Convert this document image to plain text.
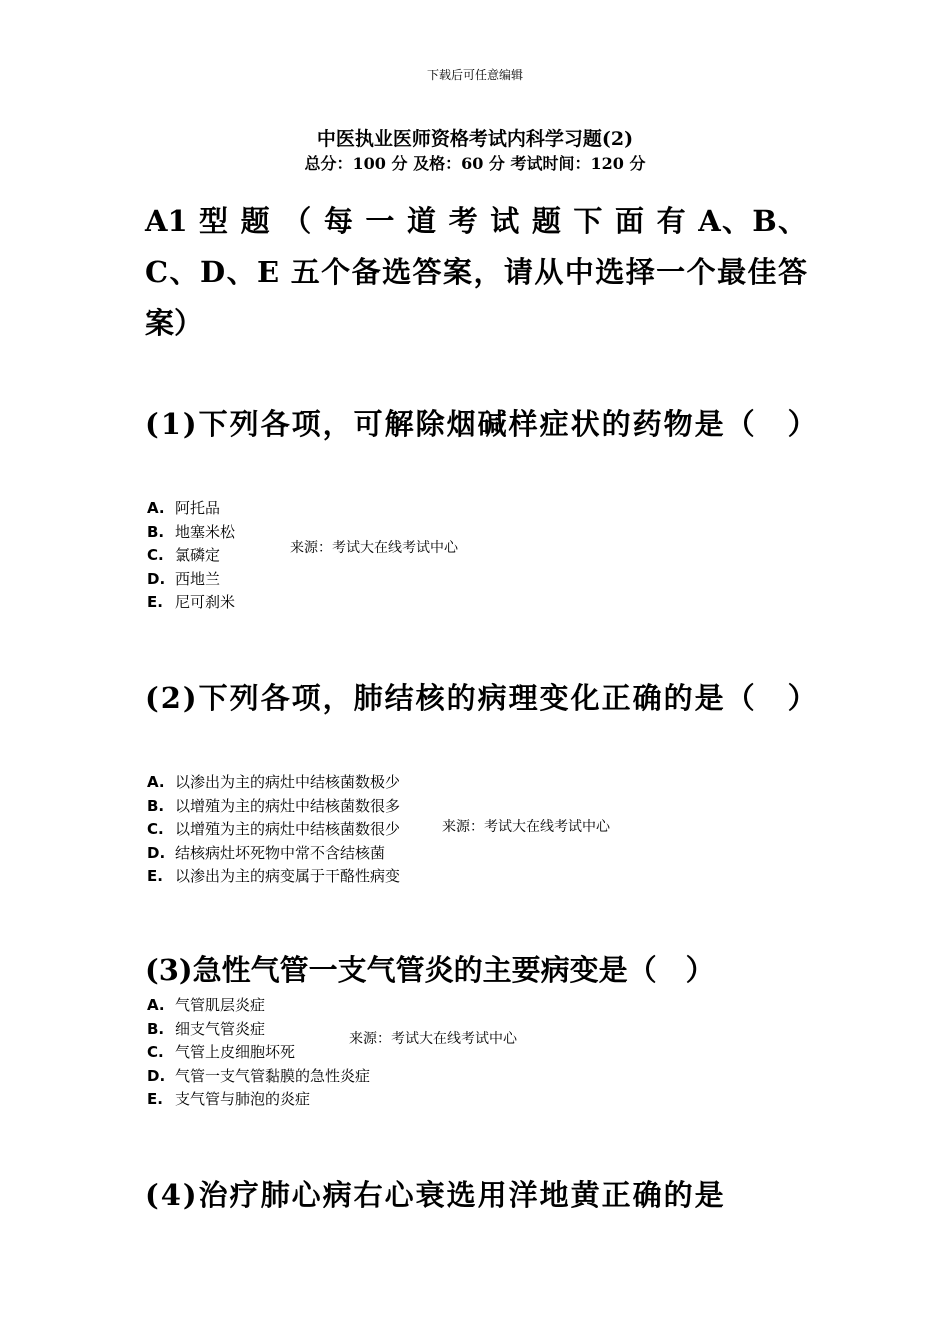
下载后可任意编辑
中医执业医师资格考试内科学习题(2)
总分：100 分 及格：60 分 考试时间：120 分
A1 型 题 （ 每 一 道 考 试 题 下 面 有 A、B、C、D、E 五个备选答案，请从中选择一个最佳答案）
(1)下列各项，可解除烟碱样症状的药物是（　）
A. 阿托品
B. 地塞米松
C. 氯磷定
D. 西地兰
E. 尼可刹米
来源：考试大在线考试中心
(2)下列各项，肺结核的病理变化正确的是（　）
A. 以渗出为主的病灶中结核菌数极少
B. 以增殖为主的病灶中结核菌数很多
C. 以增殖为主的病灶中结核菌数很少
D. 结核病灶坏死物中常不含结核菌
E. 以渗出为主的病变属于干酪性病变
来源：考试大在线考试中心
(3)急性气管一支气管炎的主要病变是（　）
A. 气管肌层炎症
B. 细支气管炎症
C. 气管上皮细胞坏死
D. 气管一支气管黏膜的急性炎症
E. 支气管与肺泡的炎症
来源：考试大在线考试中心
(4)治疗肺心病右心衰选用洋地黄正确的是
